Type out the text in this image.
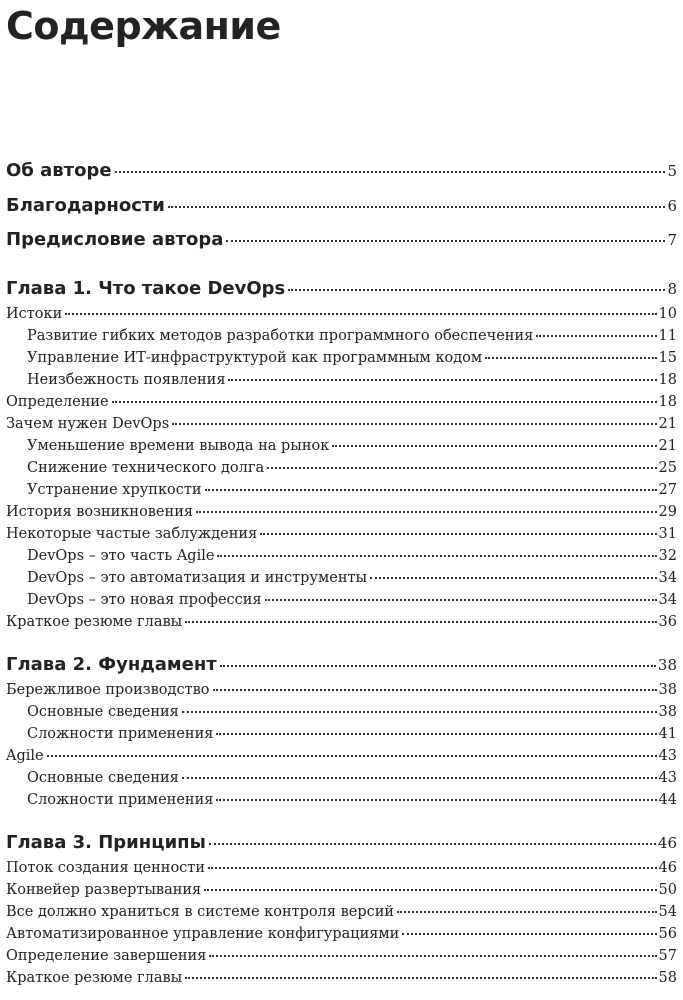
Содержание
Об авторе	5
Благодарности	6
Предисловие автора	7
Глава 1. Что такое DevOps	8
Истоки	10
Развитие гибких методов разработки программного обеспечения	11
Управление ИТ-инфраструктурой как программным кодом	15
Неизбежность появления	18
Определение	18
Зачем нужен DevOps	21
Уменьшение времени вывода на рынок	21
Снижение технического долга	25
Устранение хрупкости	27
История возникновения	29
Некоторые частые заблуждения	31
DevOps – это часть Agile	32
DevOps – это автоматизация и инструменты	34
DevOps – это новая профессия	34
Краткое резюме главы	36
Глава 2. Фундамент	38
Бережливое производство	38
Основные сведения	38
Сложности применения	41
Agile	43
Основные сведения	43
Сложности применения	44
Глава 3. Принципы	46
Поток создания ценности	46
Конвейер развертывания	50
Все должно храниться в системе контроля версий	54
Автоматизированное управление конфигурациями	56
Определение завершения	57
Краткое резюме главы	58
